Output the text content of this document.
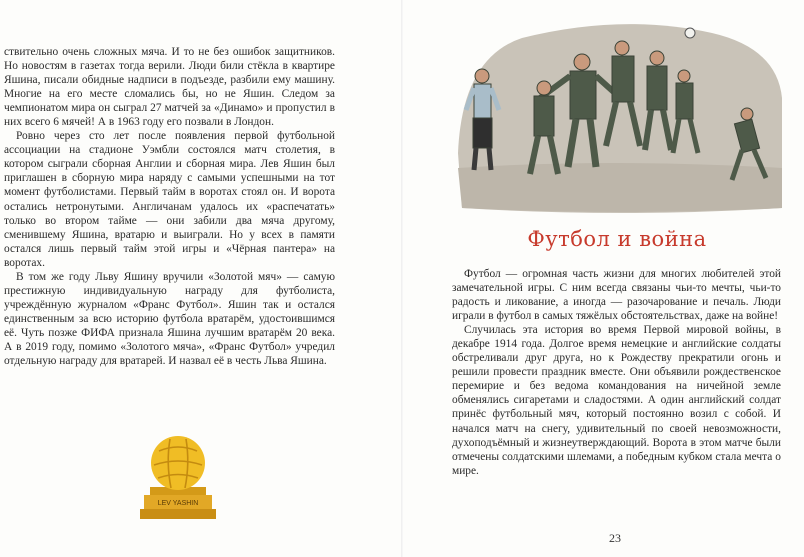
ствительно очень сложных мяча. И то не без ошибок защитников. Но новостям в газетах тогда верили. Люди били стёкла в квартире Яшина, писали обидные надписи в подъезде, разбили ему машину. Многие на его месте сломались бы, но не Яшин. Следом за чемпионатом мира он сыграл 27 матчей за «Динамо» и пропустил в них всего 6 мячей! А в 1963 году его позвали в Лондон.

Ровно через сто лет после появления первой футбольной ассоциации на стадионе Уэмбли состоялся матч столетия, в котором сыграли сборная Англии и сборная мира. Лев Яшин был приглашен в сборную мира наряду с самыми успешными на тот момент футболистами. Первый тайм в воротах стоял он. И ворота остались нетронутыми. Англичанам удалось их «распечатать» только во втором тайме — они забили два мяча другому, сменившему Яшина, вратарю и выиграли. Но у всех в памяти остался лишь первый тайм этой игры и «Чёрная пантера» на воротах.

В том же году Льву Яшину вручили «Золотой мяч» — самую престижную индивидуальную награду для футболиста, учреждённую журналом «Франс Футбол». Яшин так и остался единственным за всю историю футбола вратарём, удостоившимся её. Чуть позже ФИФА признала Яшина лучшим вратарём 20 века. А в 2019 году, помимо «Золотого мяча», «Франс Футбол» учредил отдельную награду для вратарей. И назвал её в честь Льва Яшина.

LEV YASHIN
Футбол и война

Футбол — огромная часть жизни для многих любителей этой замечательной игры. С ним всегда связаны чьи-то мечты, чьи-то радость и ликование, а иногда — разочарование и печаль. Люди играли в футбол в самых тяжёлых обстоятельствах, даже на войне!

Случилась эта история во время Первой мировой войны, в декабре 1914 года. Долгое время немецкие и английские солдаты обстреливали друг друга, но к Рождеству прекратили огонь и решили провести праздник вместе. Они объявили рождественское перемирие и без ведома командования на ничейной земле обменялись сигаретами и сладостями. А один английский солдат принёс футбольный мяч, который постоянно возил с собой. И начался матч на снегу, удивительный по своей невозможности, духоподъёмный и жизнеутверждающий. Ворота в этом матче были отмечены солдатскими шлемами, а победным кубком стала мечта о мире.

23
